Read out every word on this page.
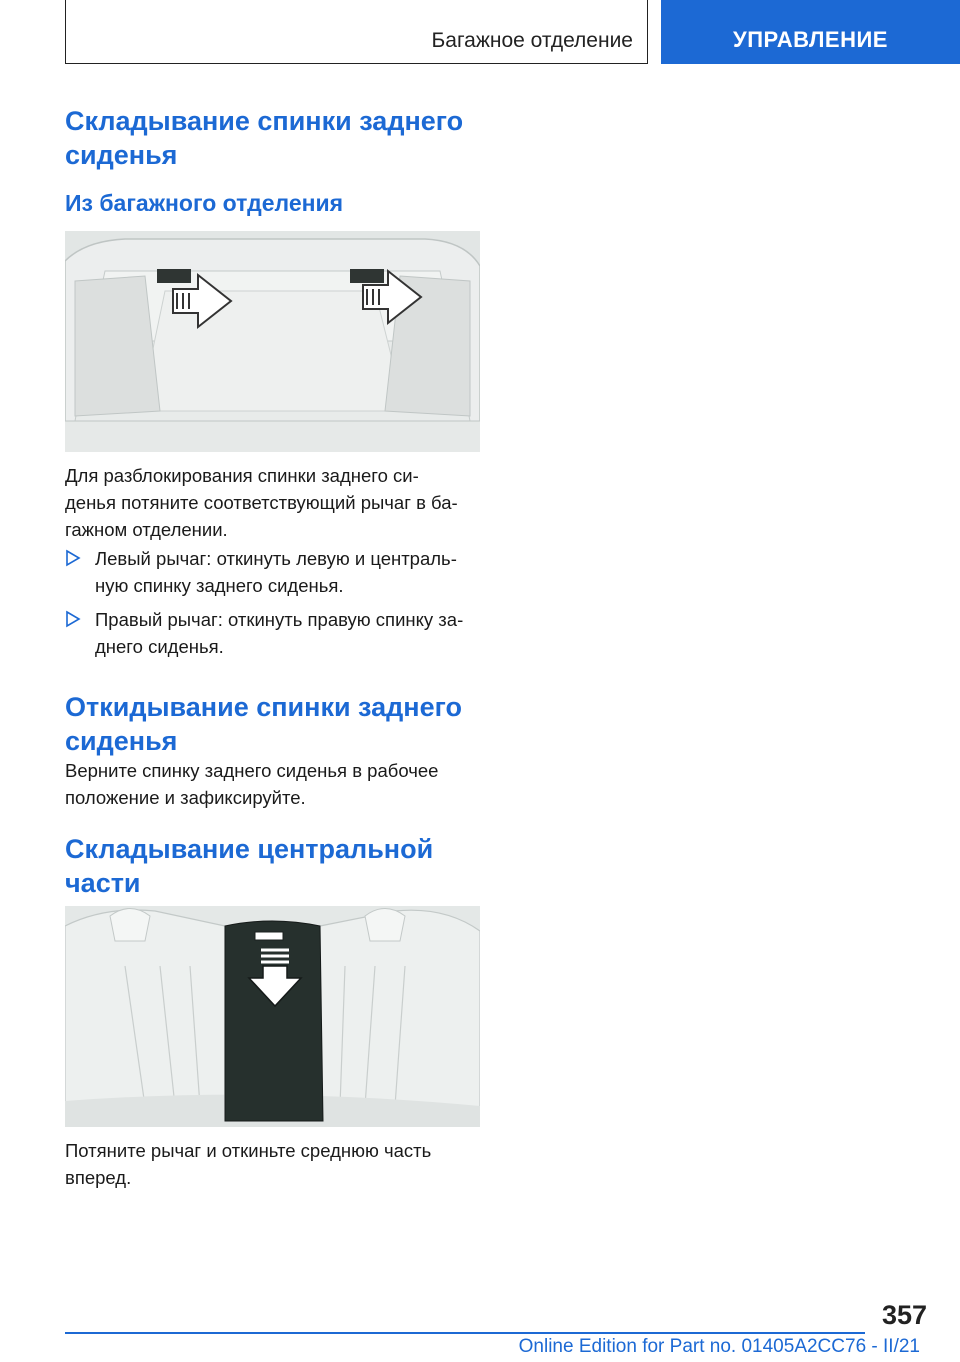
Багажное отделение	УПРАВЛЕНИЕ
Складывание спинки заднего
сиденья
Из багажного отделения

Для разблокирования спинки заднего си-
денья потяните соответствующий рычаг в ба-
гажном отделении.

Левый рычаг: откинуть левую и централь-
ную спинку заднего сиденья.
Правый рычаг: откинуть правую спинку за-
днего сиденья.
Откидывание спинки заднего
сиденья

Верните спинку заднего сиденья в рабочее
положение и зафиксируйте.

Складывание центральной
части

Потяните рычаг и откиньте среднюю часть
вперед.

357
Online Edition for Part no. 01405A2CC76 - II/21
